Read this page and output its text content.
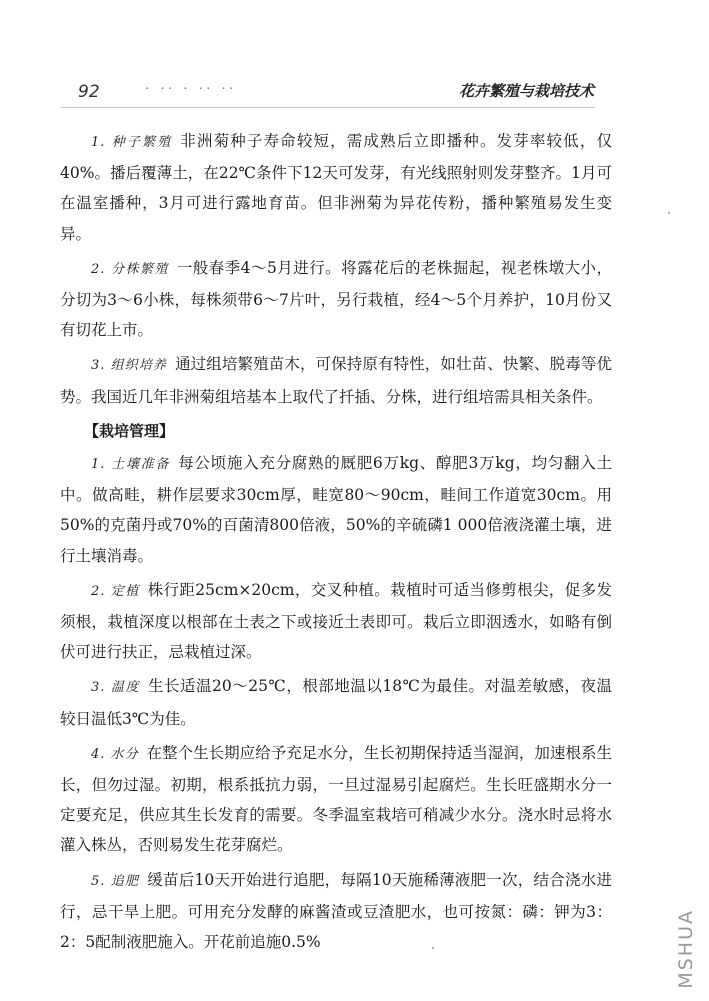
92	· ·· · ·· ··	花卉繁殖与栽培技术

1. 种子繁殖 非洲菊种子寿命较短，需成熟后立即播种。发芽率较低，仅40%。播后覆薄土，在22℃条件下12天可发芽，有光线照射则发芽整齐。1月可在温室播种，3月可进行露地育苗。但非洲菊为异花传粉，播种繁殖易发生变异。

2. 分株繁殖 一般春季4～5月进行。将露花后的老株掘起，视老株墩大小，分切为3～6小株，每株须带6～7片叶，另行栽植，经4～5个月养护，10月份又有切花上市。

3. 组织培养 通过组培繁殖苗木，可保持原有特性，如壮苗、快繁、脱毒等优势。我国近几年非洲菊组培基本上取代了扦插、分株，进行组培需具相关条件。

【栽培管理】

1. 土壤准备 每公顷施入充分腐熟的厩肥6万kg、醇肥3万kg，均匀翻入土中。做高畦，耕作层要求30cm厚，畦宽80～90cm，畦间工作道宽30cm。用50%的克菌丹或70%的百菌清800倍液，50%的辛硫磷1 000倍液浇灌土壤，进行土壤消毒。

2. 定植 株行距25cm×20cm，交叉种植。栽植时可适当修剪根尖，促多发须根，栽植深度以根部在土表之下或接近土表即可。栽后立即洇透水，如略有倒伏可进行扶正，忌栽植过深。

3. 温度 生长适温20～25℃，根部地温以18℃为最佳。对温差敏感，夜温较日温低3℃为佳。

4. 水分 在整个生长期应给予充足水分，生长初期保持适当湿润，加速根系生长，但勿过湿。初期，根系抵抗力弱，一旦过湿易引起腐烂。生长旺盛期水分一定要充足，供应其生长发育的需要。冬季温室栽培可稍减少水分。浇水时忌将水灌入株丛，否则易发生花芽腐烂。

5. 追肥 缓苗后10天开始进行追肥，每隔10天施稀薄液肥一次，结合浇水进行，忌干旱上肥。可用充分发酵的麻酱渣或豆渣肥水，也可按氮：磷：钾为3：2：5配制液肥施入。开花前追施0.5%	MSHUA
